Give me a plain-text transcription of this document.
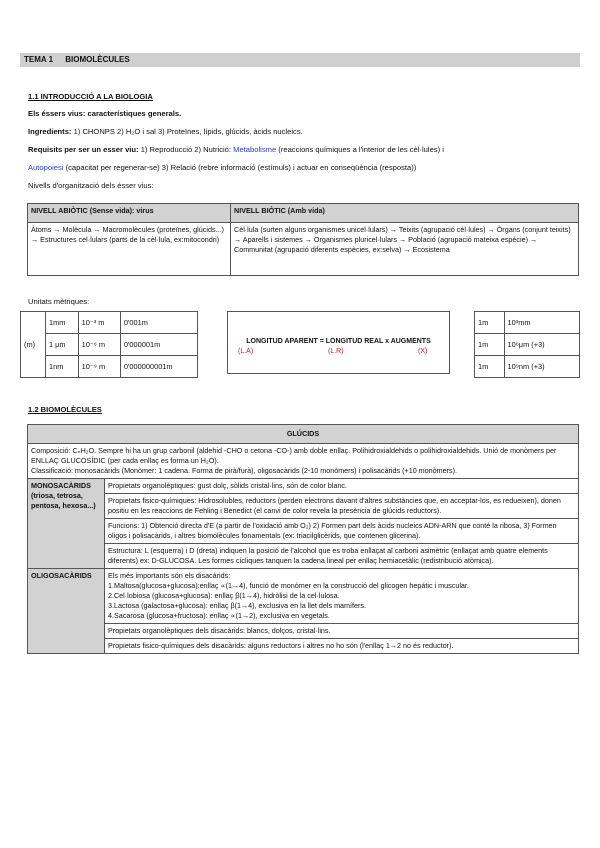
TEMA 1 BIOMOLÈCULES
1.1 INTRODUCCIÓ A LA BIOLOGIA
Els éssers vius: característiques generals.
Ingredients: 1) CHONPS 2) H₂O i sal 3) Proteïnes, lípids, glúcids, àcids nucleics.
Requisits per ser un esser viu: 1) Reproducció 2) Nutrició: Metabolisme (reaccions químiques a l'interior de les cèl·lules) i
Autopoiesi (capacitat per regenerar-se) 3) Relació (rebre informació (estímuls) i actuar en conseqüència (resposta))
Nivells d'organització dels ésser vius:
NIVELL ABIÒTIC (Sense vida): virus	NIVELL BIÒTIC (Amb vida)
Àtoms → Molècula → Macromolècules (proteïnes, glúcids...) → Estructures cel·lulars (parts de la cèl·lula, ex:mitocondri)	Cèl·lula (surten alguns organismes unicel·lulars) → Teixits (agrupació cèl·lules) → Òrgans (conjunt teixits) → Aparells i sistemes → Organismes pluricel·lulars → Població (agrupació mateixa espècie) → Communitat (agrupació diferents espècies, ex:selva) → Ecosistema
Unitats mètriques:
(m)	1mm	10⁻³ m	0'001m
	1 μm	10⁻⁶ m	0'000001m
	1nm	10⁻⁹ m	0'000000001m
LONGITUD APARENT = LONGITUD REAL x AUGMENTS
(L.A)	(L.R)	(X)
1m	10³mm
1m	10⁶μm (+3)
1m	10⁹nm (+3)
1.2 BIOMOLÈCULES
GLÚCIDS	
Composició: CₙH₂O. Sempre hi ha un grup carbonil (aldehid -CHO o cetona -CO-) amb doble enllaç. Polihidroxialdehids o polihidroxialdehids. Unió de monòmers per ENLLAÇ GLUCOSÍDIC (per cada enllaç es forma un H₂O).
Classificació: monosacàrids (Monòmer: 1 cadena. Forma de pirà/furà), oligosacàrids (2-10 monòmers) i polisacàrids (+10 monòmers).	
MONOSACÀRIDS (triosa, tetrosa, pentosa, hexosa...)	Propietats organolèptiques: gust dolç, sòlids cristal·lins, són de color blanc.
	Propietats fisico-químiques: Hidrosolubles, reductors (perden electrons davant d'altres substàncies que, en acceptar-los, es redueixen), donen positiu en les reaccions de Fehling i Benedict (el canvi de color revela la presència de glúcids reductors).
	Funcions: 1) Obtenció directa d'E (a partir de l'oxidació amb O₂) 2) Formen part dels àcids nucleics ADN-ARN que conté la ribosa, 3) Formen oligos i polisacàrids, i altres biomolècules fonamentals (ex: triacilglicèrids, que contenen glicerina).
	Estructura: L (esquerra) i D (dreta) indiquen la posició de l'alcohol que es troba enllaçat al carboni asimètric (enllaçat amb quatre elements diferents) ex: D-GLUCOSA. Les formes cícliques tanquen la cadena lineal per enllaç hemiacetàlic (redistribució atòmica).
OLIGOSACÀRIDS	Els més importants són els disacàrids:
1.Maltosa(glucosa+glucosa):enllaç ∝(1→4), funció de monòmer en la construcció del glicogen hepàtic i muscular.
2.Cel·lobiosa (glucosa+glucosa): enllaç β(1→4), hidròlisi de la cel·lulosa.
3.Lactosa (galactosa+glucosa): enllaç β(1→4), exclusiva en la llet dels mamífers.
4.Sacarosa (glucosa+fructosa): enllaç ∝(1→2), exclusiva en vegetals.
	Propietats organolèptiques dels disacàrids: blancs, dolços, cristal·lins.
	Propietats fisico-químiques dels disacàrids: alguns reductors i altres no ho són (l'enllaç 1→2 no és reductor).
